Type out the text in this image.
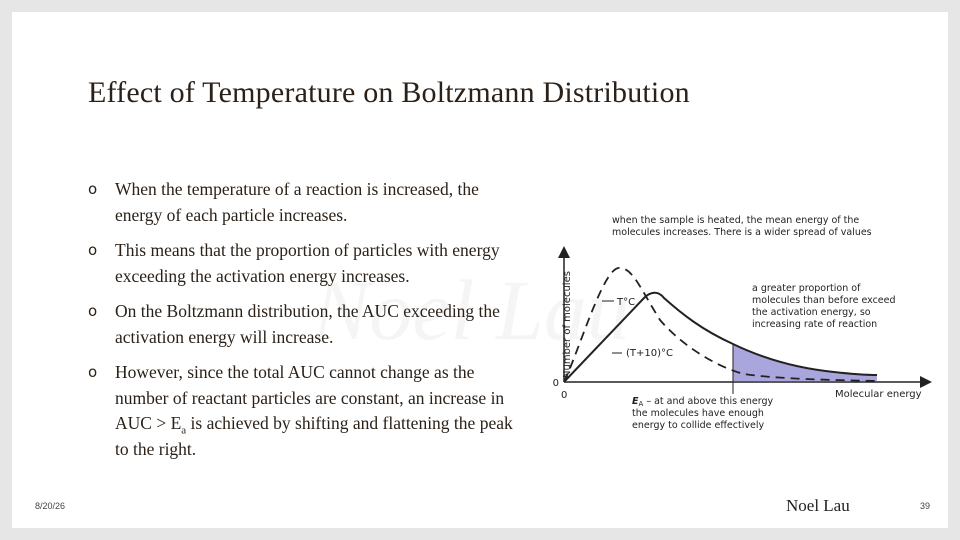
Effect of Temperature on Boltzmann Distribution
o When the temperature of a reaction is increased, the energy of each particle increases.
o This means that the proportion of particles with energy exceeding the activation energy increases.
o On the Boltzmann distribution, the AUC exceeding the activation energy will increase.
o However, since the total AUC cannot change as the number of reactant particles are constant, an increase in AUC > $E_a$ is achieved by shifting and flattening the peak to the right.
when the sample is heated, the mean energy of the
molecules increases. There is a wider spread of values
Number of molecules
0
0	Molecular energy
T°C
(T+10)°C
a greater proportion of
molecules than before exceed
the activation energy, so
increasing rate of reaction
$E_A$ – at and above this energy
the molecules have enough
energy to collide effectively
8/20/26	Noel Lau	39
